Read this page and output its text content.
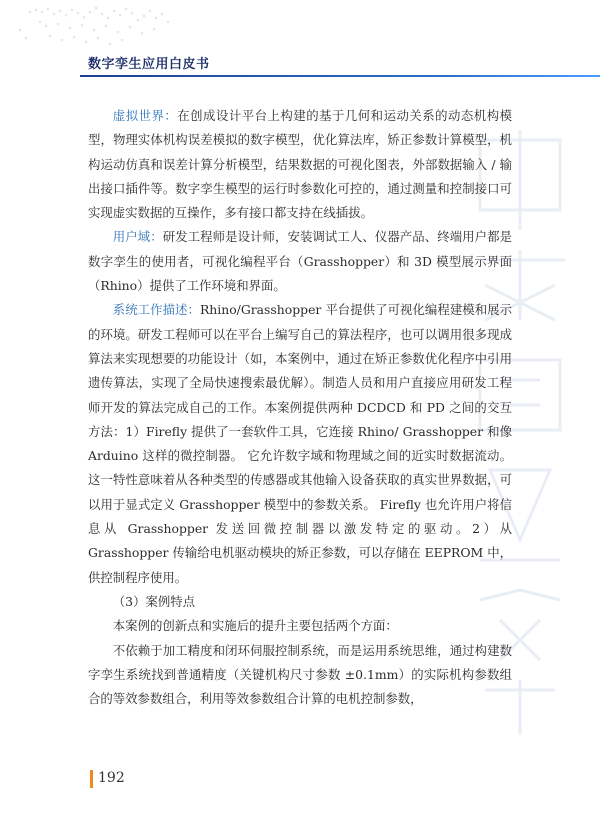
数字孪生应用白皮书

虚拟世界：在创成设计平台上构建的基于几何和运动关系的动态机构模型，物理实体机构误差模拟的数字模型，优化算法库，矫正参数计算模型，机构运动仿真和误差计算分析模型，结果数据的可视化图表，外部数据输入 / 输出接口插件等。数字孪生模型的运行时参数化可控的，通过测量和控制接口可实现虚实数据的互操作，多有接口都支持在线插拔。

用户域：研发工程师是设计师，安装调试工人、仪器产品、终端用户都是数字孪生的使用者，可视化编程平台（Grasshopper）和 3D 模型展示界面（Rhino）提供了工作环境和界面。

系统工作描述：Rhino/Grasshopper 平台提供了可视化编程建模和展示的环境。研发工程师可以在平台上编写自己的算法程序，也可以调用很多现成算法来实现想要的功能设计（如，本案例中，通过在矫正参数优化程序中引用遗传算法，实现了全局快速搜索最优解）。制造人员和用户直接应用研发工程师开发的算法完成自己的工作。本案例提供两种 DCDCD 和 PD 之间的交互方法：1）Firefly 提供了一套软件工具，它连接 Rhino/ Grasshopper 和像 Arduino 这样的微控制器。 它允许数字域和物理域之间的近实时数据流动。这一特性意味着从各种类型的传感器或其他输入设备获取的真实世界数据，可以用于显式定义 Grasshopper 模型中的参数关系。 Firefly 也允许用户将信息从 Grasshopper 发送回微控制器以激发特定的驱动。2）从 Grasshopper 传输给电机驱动模块的矫正参数，可以存储在 EEPROM 中，供控制程序使用。

（3）案例特点

本案例的创新点和实施后的提升主要包括两个方面：

不依赖于加工精度和闭环伺服控制系统，而是运用系统思维，通过构建数字孪生系统找到普通精度（关键机构尺寸参数 ±0.1mm）的实际机构参数组合的等效参数组合，利用等效参数组合计算的电机控制参数，

192
